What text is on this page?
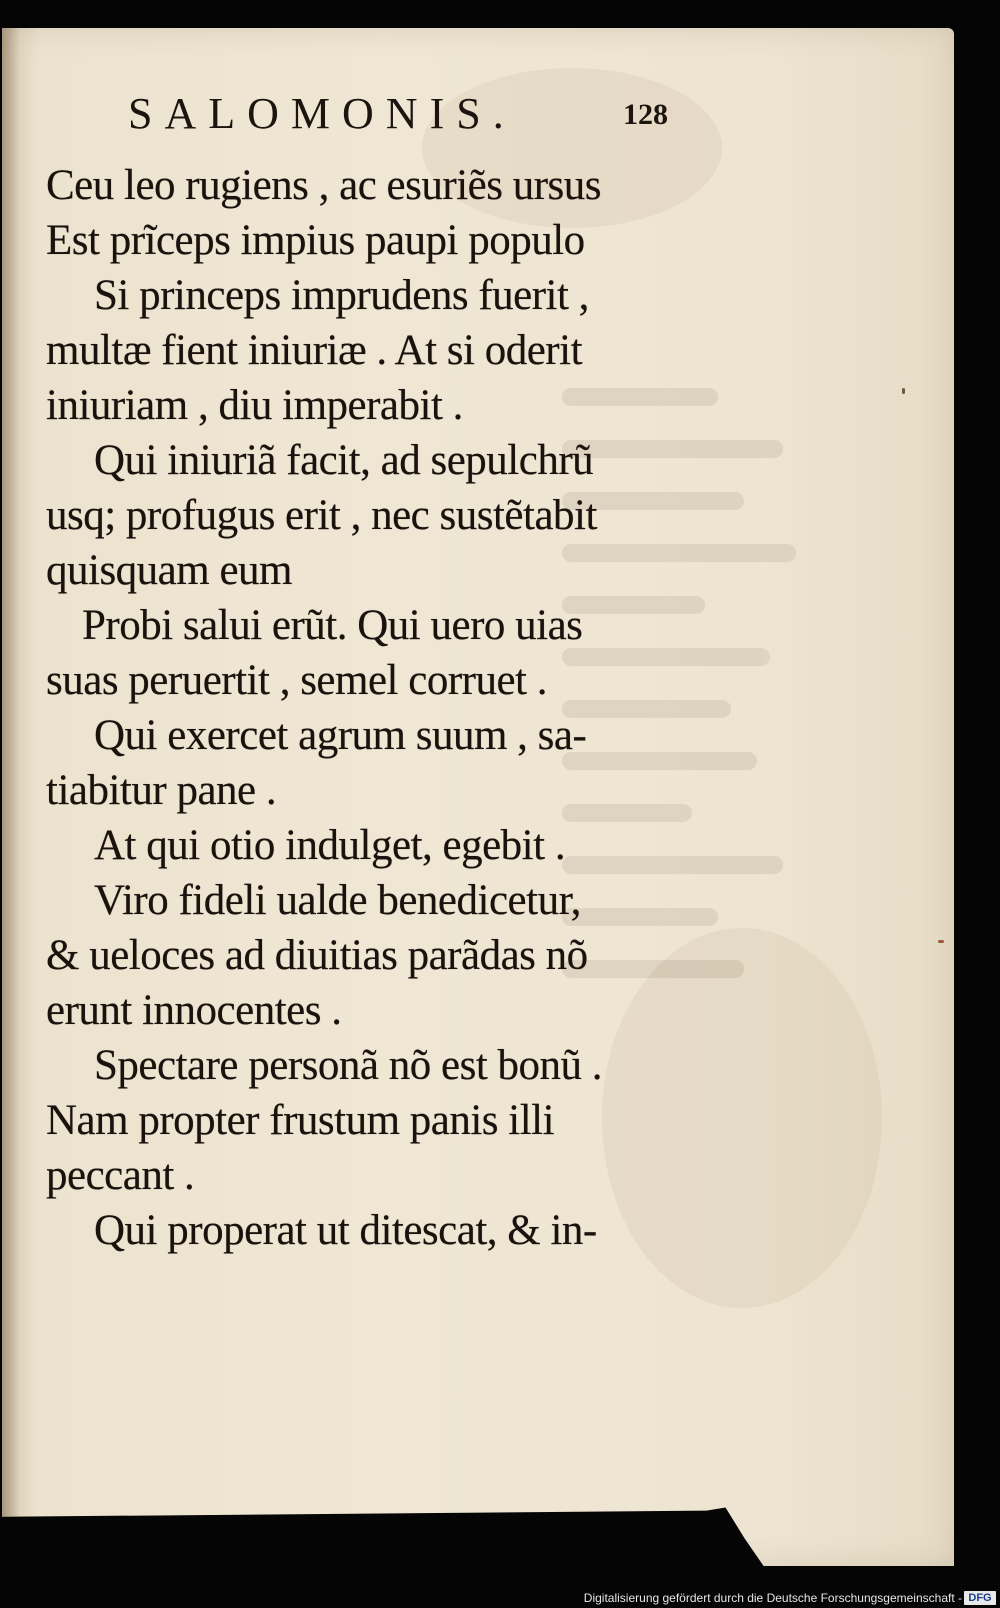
SALOMONIS.	128
Ceu leo rugiens , ac esuriẽs ursus
Est prĩceps impius paupi populo
Si princeps imprudens fuerit ,
multæ fient iniuriæ . At si oderit
iniuriam , diu imperabit .
Qui iniuriã facit, ad sepulchrũ
usq; profugus erit , nec sustẽtabit
quisquam eum
Probi salui erũt. Qui uero uias
suas peruertit , semel corruet .
Qui exercet agrum suum , sa-
tiabitur pane .
At qui otio indulget, egebit .
Viro fideli ualde benedicetur,
& ueloces ad diuitias parãdas nõ
erunt innocentes .
Spectare personã nõ est bonũ .
Nam propter frustum panis illi
peccant .
Qui properat ut ditescat, & in-
Digitalisierung gefördert durch die Deutsche Forschungsgemeinschaft - DFG
